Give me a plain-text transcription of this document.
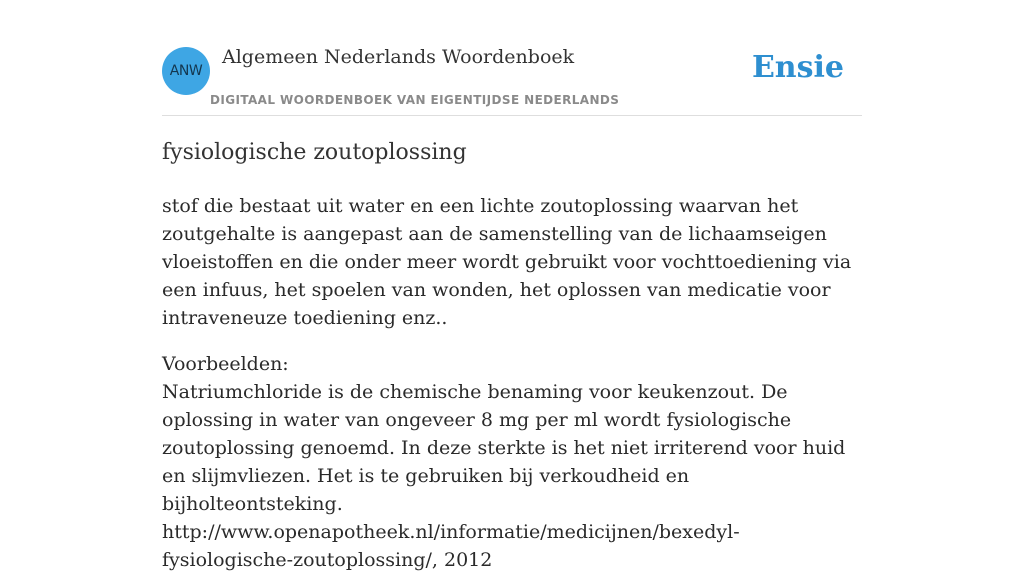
ANW
Algemeen Nederlands Woordenboek
DIGITAAL WOORDENBOEK VAN EIGENTIJDSE NEDERLANDS
Ensie
fysiologische zoutoplossing

stof die bestaat uit water en een lichte zoutoplossing waarvan het zoutgehalte is aangepast aan de samenstelling van de lichaamseigen vloeistoffen en die onder meer wordt gebruikt voor vochttoediening via een infuus, het spoelen van wonden, het oplossen van medicatie voor intraveneuze toediening enz..

Voorbeelden:

Natriumchloride is de chemische benaming voor keukenzout. De oplossing in water van ongeveer 8 mg per ml wordt fysiologische zoutoplossing genoemd. In deze sterkte is het niet irriterend voor huid en slijmvliezen. Het is te gebruiken bij verkoudheid en bijholteontsteking.

http://www.openapotheek.nl/informatie/medicijnen/bexedyl-fysiologische-zoutoplossing/, 2012
